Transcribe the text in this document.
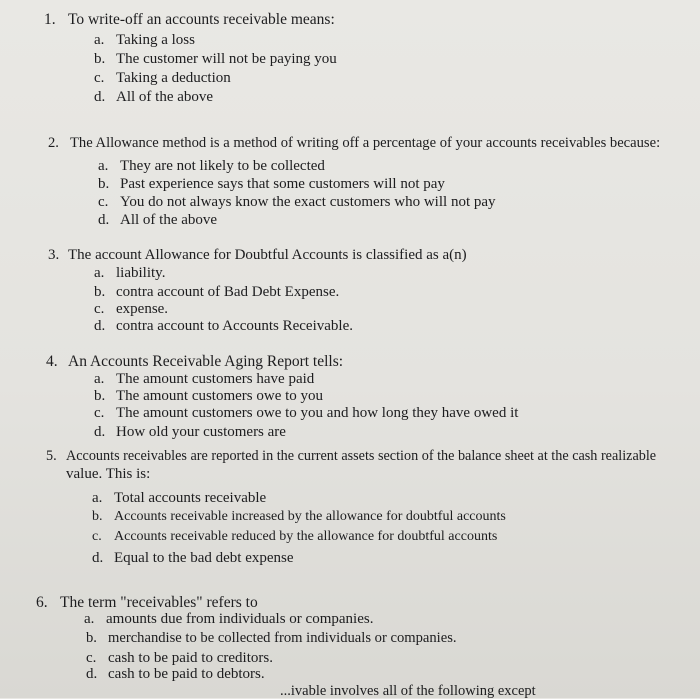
1. To write-off an accounts receivable means:
a. Taking a loss
b. The customer will not be paying you
c. Taking a deduction
d. All of the above
2. The Allowance method is a method of writing off a percentage of your accounts receivables because:
a. They are not likely to be collected
b. Past experience says that some customers will not pay
c. You do not always know the exact customers who will not pay
d. All of the above
3. The account Allowance for Doubtful Accounts is classified as a(n)
a. liability.
b. contra account of Bad Debt Expense.
c. expense.
d. contra account to Accounts Receivable.
4. An Accounts Receivable Aging Report tells:
a. The amount customers have paid
b. The amount customers owe to you
c. The amount customers owe to you and how long they have owed it
d. How old your customers are
5. Accounts receivables are reported in the current assets section of the balance sheet at the cash realizable
value. This is:
a. Total accounts receivable
b. Accounts receivable increased by the allowance for doubtful accounts
c. Accounts receivable reduced by the allowance for doubtful accounts
d. Equal to the bad debt expense
6. The term "receivables" refers to
a. amounts due from individuals or companies.
b. merchandise to be collected from individuals or companies.
c. cash to be paid to creditors.
d. cash to be paid to debtors.
...ivable involves all of the following except
